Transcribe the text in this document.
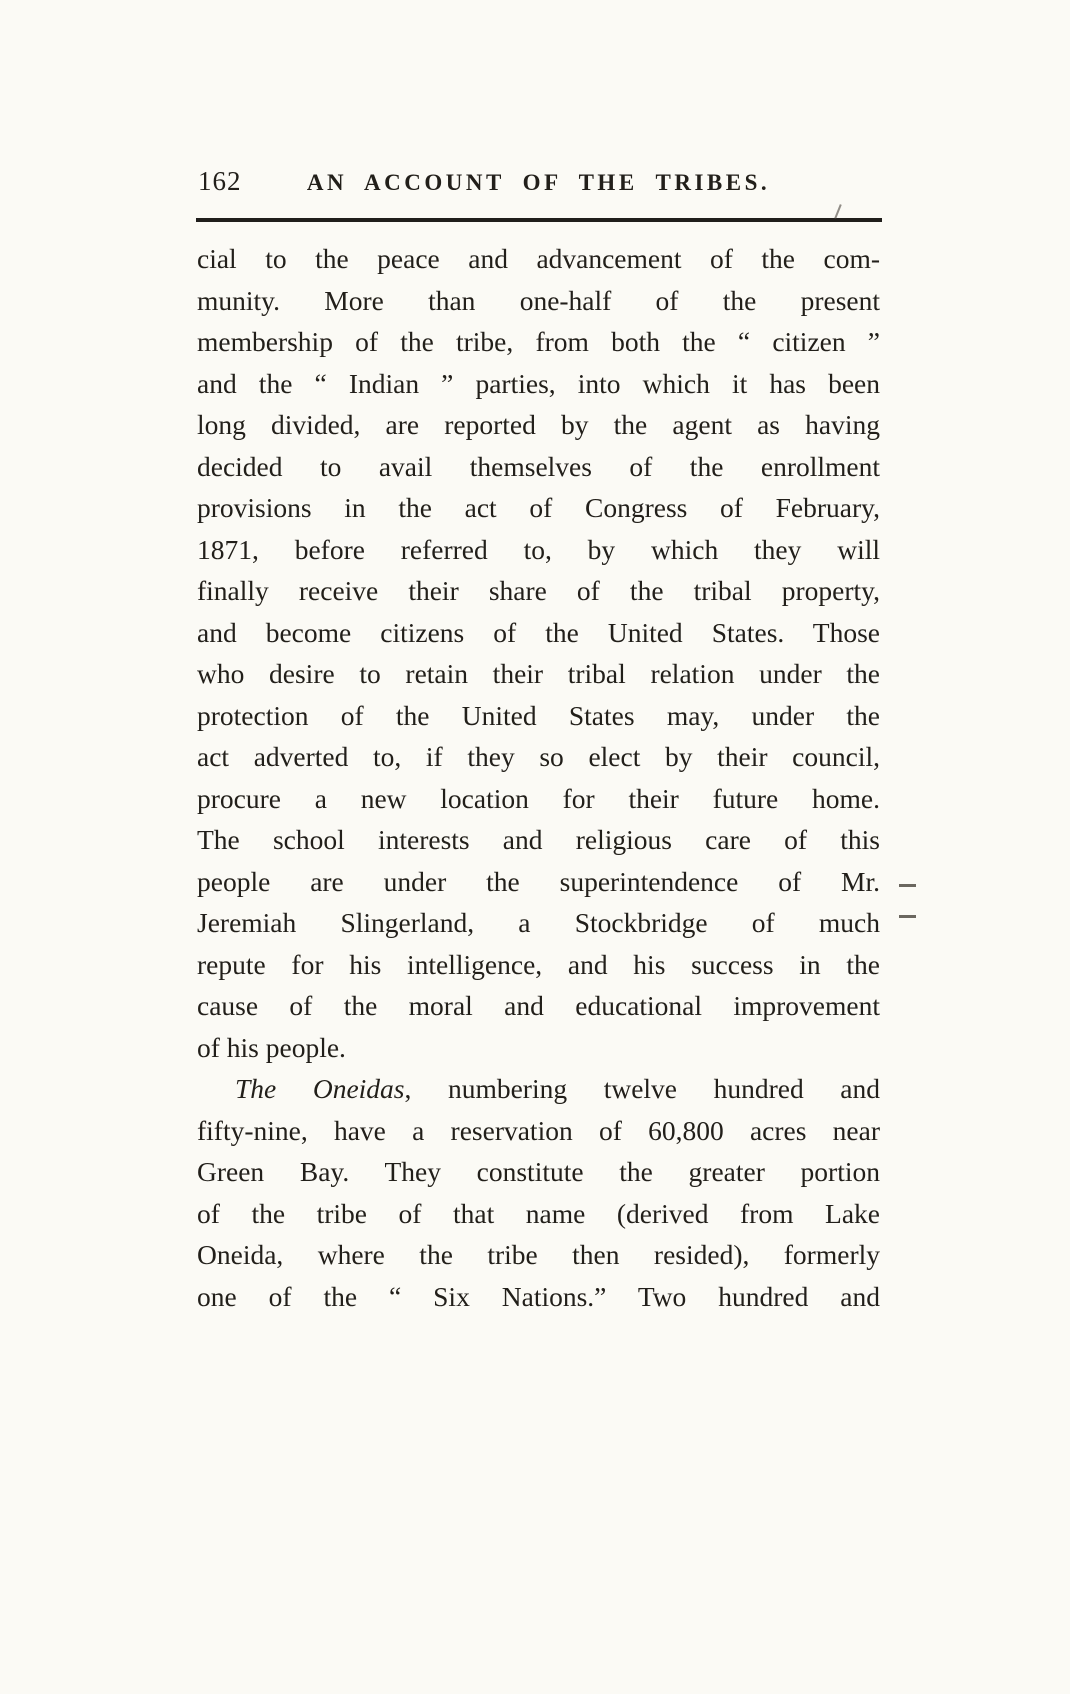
162	AN ACCOUNT OF THE TRIBES.
cial to the peace and advancement of the com-
munity. More than one-half of the present
membership of the tribe, from both the “ citizen ”
and the “ Indian ” parties, into which it has been
long divided, are reported by the agent as having
decided to avail themselves of the enrollment
provisions in the act of Congress of February,
1871, before referred to, by which they will
finally receive their share of the tribal property,
and become citizens of the United States. Those
who desire to retain their tribal relation under the
protection of the United States may, under the
act adverted to, if they so elect by their council,
procure a new location for their future home.
The school interests and religious care of this
people are under the superintendence of Mr.
Jeremiah Slingerland, a Stockbridge of much
repute for his intelligence, and his success in the
cause of the moral and educational improvement
of his people.
The Oneidas, numbering twelve hundred and
fifty-nine, have a reservation of 60,800 acres near
Green Bay. They constitute the greater portion
of the tribe of that name (derived from Lake
Oneida, where the tribe then resided), formerly
one of the “ Six Nations.” Two hundred and
